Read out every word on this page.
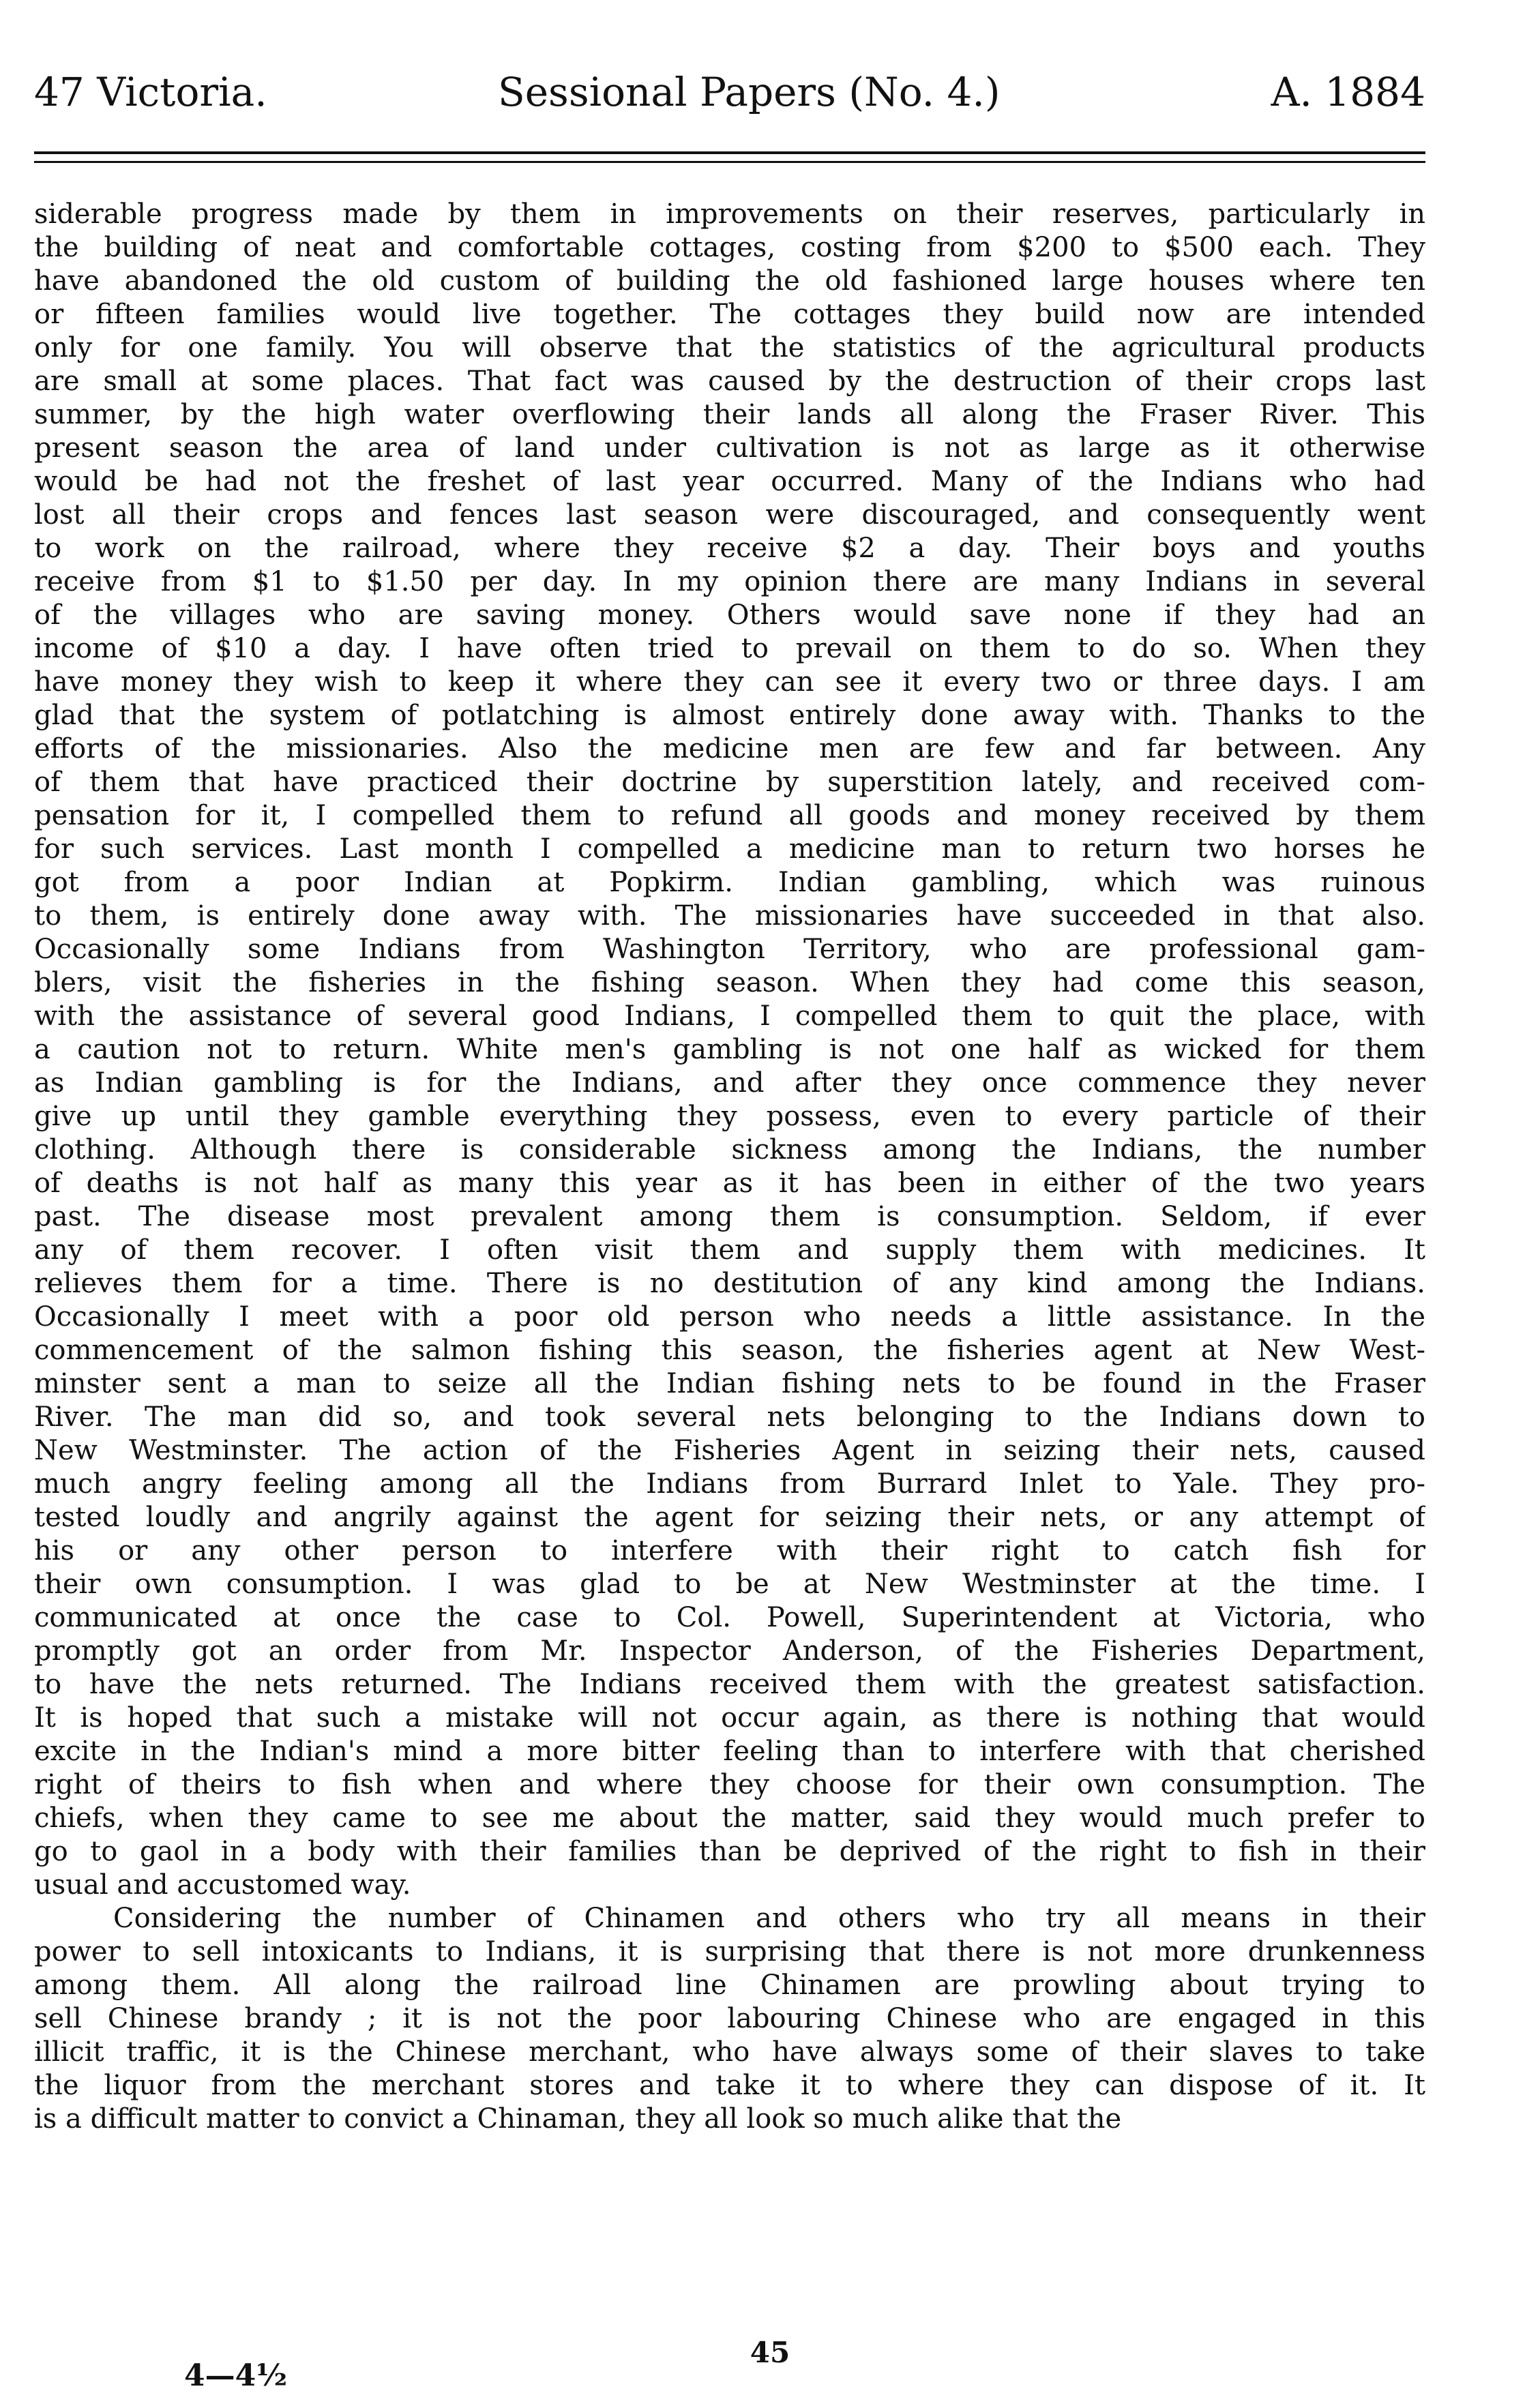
47 Victoria.	Sessional Papers (No. 4.)	A. 1884
siderable progress made by them in improvements on their reserves, particularly in
the building of neat and comfortable cottages, costing from $200 to $500 each. They
have abandoned the old custom of building the old fashioned large houses where ten
or fifteen families would live together. The cottages they build now are intended
only for one family. You will observe that the statistics of the agricultural products
are small at some places. That fact was caused by the destruction of their crops last
summer, by the high water overflowing their lands all along the Fraser River. This
present season the area of land under cultivation is not as large as it otherwise
would be had not the freshet of last year occurred. Many of the Indians who had
lost all their crops and fences last season were discouraged, and consequently went
to work on the railroad, where they receive $2 a day. Their boys and youths
receive from $1 to $1.50 per day. In my opinion there are many Indians in several
of the villages who are saving money. Others would save none if they had an
income of $10 a day. I have often tried to prevail on them to do so. When they
have money they wish to keep it where they can see it every two or three days. I am
glad that the system of potlatching is almost entirely done away with. Thanks to the
efforts of the missionaries. Also the medicine men are few and far between. Any
of them that have practiced their doctrine by superstition lately, and received com-
pensation for it, I compelled them to refund all goods and money received by them
for such services. Last month I compelled a medicine man to return two horses he
got from a poor Indian at Popkirm. Indian gambling, which was ruinous
to them, is entirely done away with. The missionaries have succeeded in that also.
Occasionally some Indians from Washington Territory, who are professional gam-
blers, visit the fisheries in the fishing season. When they had come this season,
with the assistance of several good Indians, I compelled them to quit the place, with
a caution not to return. White men's gambling is not one half as wicked for them
as Indian gambling is for the Indians, and after they once commence they never
give up until they gamble everything they possess, even to every particle of their
clothing. Although there is considerable sickness among the Indians, the number
of deaths is not half as many this year as it has been in either of the two years
past. The disease most prevalent among them is consumption. Seldom, if ever
any of them recover. I often visit them and supply them with medicines. It
relieves them for a time. There is no destitution of any kind among the Indians.
Occasionally I meet with a poor old person who needs a little assistance. In the
commencement of the salmon fishing this season, the fisheries agent at New West-
minster sent a man to seize all the Indian fishing nets to be found in the Fraser
River. The man did so, and took several nets belonging to the Indians down to
New Westminster. The action of the Fisheries Agent in seizing their nets, caused
much angry feeling among all the Indians from Burrard Inlet to Yale. They pro-
tested loudly and angrily against the agent for seizing their nets, or any attempt of
his or any other person to interfere with their right to catch fish for
their own consumption. I was glad to be at New Westminster at the time. I
communicated at once the case to Col. Powell, Superintendent at Victoria, who
promptly got an order from Mr. Inspector Anderson, of the Fisheries Department,
to have the nets returned. The Indians received them with the greatest satisfaction.
It is hoped that such a mistake will not occur again, as there is nothing that would
excite in the Indian's mind a more bitter feeling than to interfere with that cherished
right of theirs to fish when and where they choose for their own consumption. The
chiefs, when they came to see me about the matter, said they would much prefer to
go to gaol in a body with their families than be deprived of the right to fish in their
usual and accustomed way.
Considering the number of Chinamen and others who try all means in their
power to sell intoxicants to Indians, it is surprising that there is not more drunkenness
among them. All along the railroad line Chinamen are prowling about trying to
sell Chinese brandy ; it is not the poor labouring Chinese who are engaged in this
illicit traffic, it is the Chinese merchant, who have always some of their slaves to take
the liquor from the merchant stores and take it to where they can dispose of it. It
is a difficult matter to convict a Chinaman, they all look so much alike that the
45
4—4½
